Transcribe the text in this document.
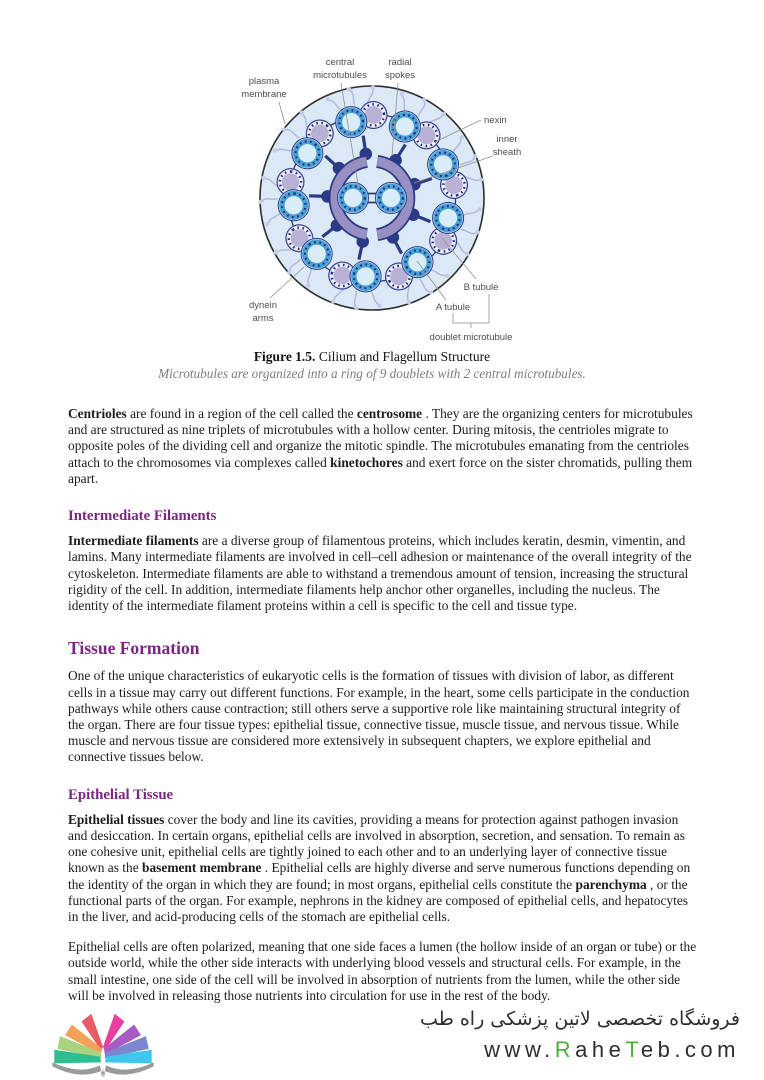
plasma
membrane
central
microtubules
radial
spokes
nexin
inner
sheath
dynein
arms
B tubule
A tubule
doublet microtubule
Figure 1.5. Cilium and Flagellum Structure
Microtubules are organized into a ring of 9 doublets with 2 central microtubules.

Centrioles are found in a region of the cell called the centrosome . They are the organizing centers for microtubules and are structured as nine triplets of microtubules with a hollow center. During mitosis, the centrioles migrate to opposite poles of the dividing cell and organize the mitotic spindle. The microtubules emanating from the centrioles attach to the chromosomes via complexes called kinetochores and exert force on the sister chromatids, pulling them apart.

Intermediate Filaments

Intermediate filaments are a diverse group of filamentous proteins, which includes keratin, desmin, vimentin, and lamins. Many intermediate filaments are involved in cell–cell adhesion or maintenance of the overall integrity of the cytoskeleton. Intermediate filaments are able to withstand a tremendous amount of tension, increasing the structural rigidity of the cell. In addition, intermediate filaments help anchor other organelles, including the nucleus. The identity of the intermediate filament proteins within a cell is specific to the cell and tissue type.

Tissue Formation

One of the unique characteristics of eukaryotic cells is the formation of tissues with division of labor, as different cells in a tissue may carry out different functions. For example, in the heart, some cells participate in the conduction pathways while others cause contraction; still others serve a supportive role like maintaining structural integrity of the organ. There are four tissue types: epithelial tissue, connective tissue, muscle tissue, and nervous tissue. While muscle and nervous tissue are considered more extensively in subsequent chapters, we explore epithelial and connective tissues below.

Epithelial Tissue

Epithelial tissues cover the body and line its cavities, providing a means for protection against pathogen invasion and desiccation. In certain organs, epithelial cells are involved in absorption, secretion, and sensation. To remain as one cohesive unit, epithelial cells are tightly joined to each other and to an underlying layer of connective tissue known as the basement membrane . Epithelial cells are highly diverse and serve numerous functions depending on the identity of the organ in which they are found; in most organs, epithelial cells constitute the parenchyma , or the functional parts of the organ. For example, nephrons in the kidney are composed of epithelial cells, and hepatocytes in the liver, and acid-producing cells of the stomach are epithelial cells.

Epithelial cells are often polarized, meaning that one side faces a lumen (the hollow inside of an organ or tube) or the outside world, while the other side interacts with underlying blood vessels and structural cells. For example, in the small intestine, one side of the cell will be involved in absorption of nutrients from the lumen, while the other side will be involved in releasing those nutrients into circulation for use in the rest of the body.

فروشگاه تخصصی لاتین پزشکی راه طب
www.RaheTeb.com
